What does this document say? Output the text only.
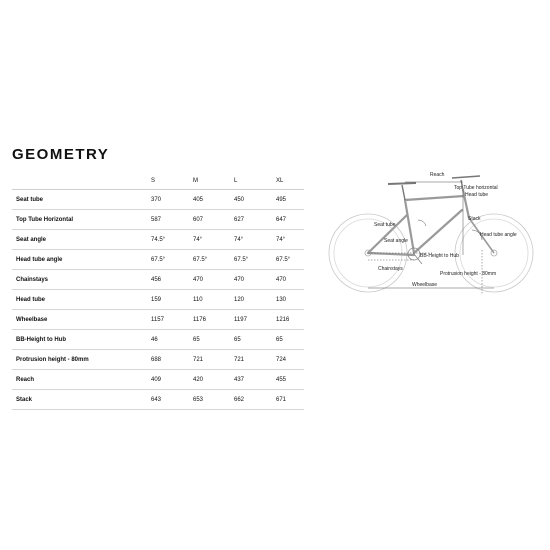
GEOMETRY
S	M	L	XL
Seat tube	370	405	450	495
Top Tube Horizontal	587	607	627	647
Seat angle	74.5°	74°	74°	74°
Head tube angle	67.5°	67.5°	67.5°	67.5°
Chainstays	456	470	470	470
Head tube	159	110	120	130
Wheelbase	1157	1176	1197	1216
BB-Height to Hub	46	65	65	65
Protrusion height - 80mm	688	721	721	724
Reach	409	420	437	455
Stack	643	653	662	671
Reach
Top Tube horizontal
Head tube
Stack
Seat tube
Seat angle
Head tube angle
BB-Height to Hub
Chainstays
Protrusion height - 80mm
Wheelbase
